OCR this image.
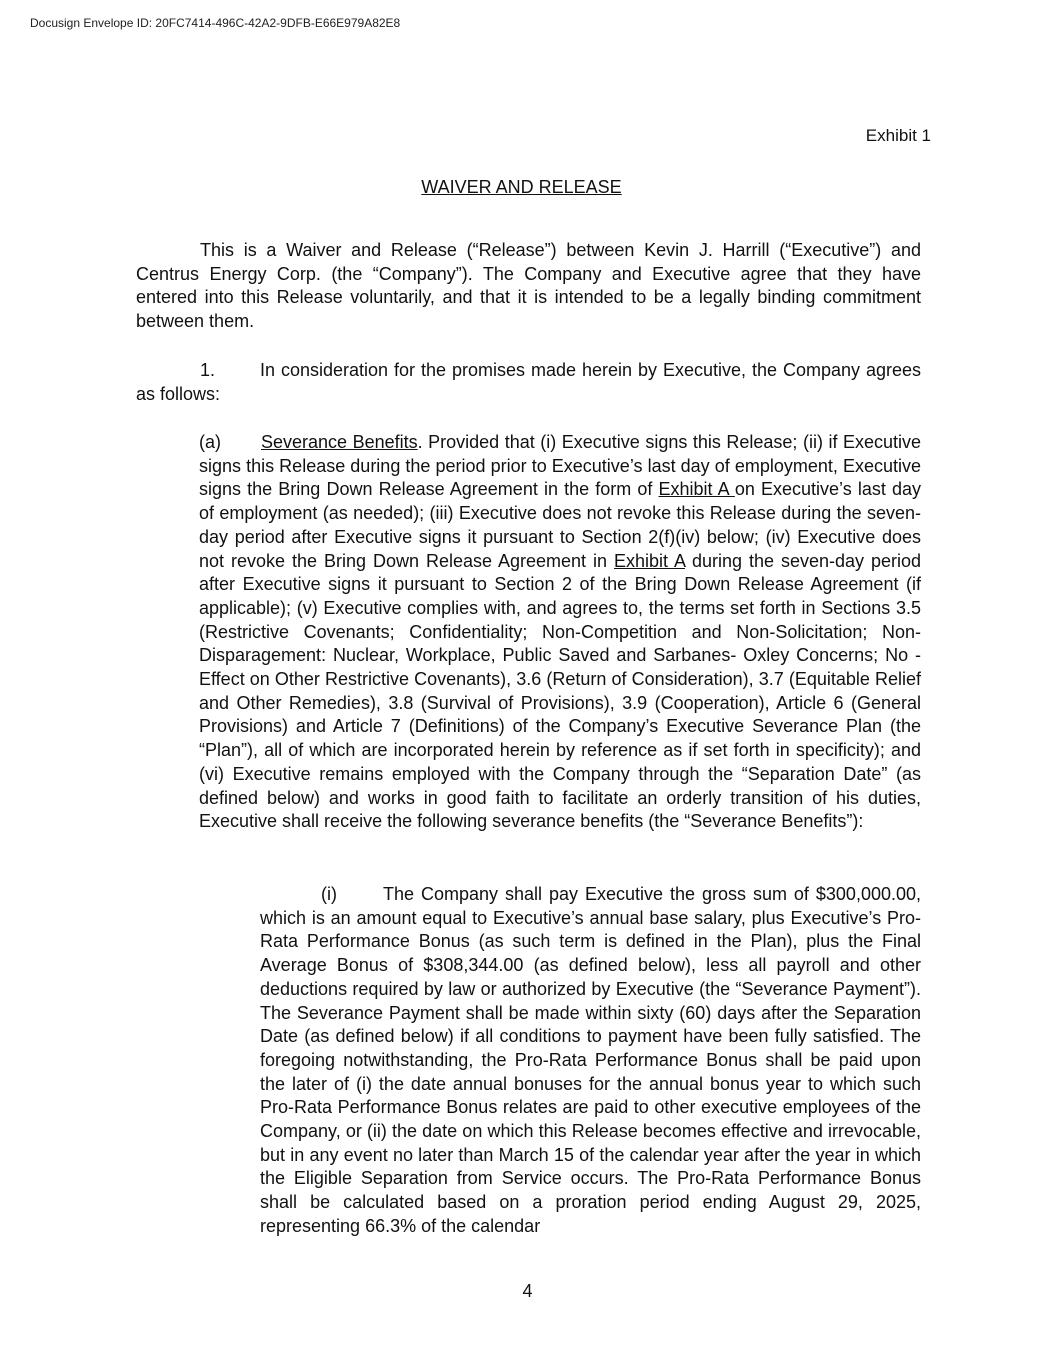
Docusign Envelope ID: 20FC7414-496C-42A2-9DFB-E66E979A82E8
Exhibit 1
WAIVER AND RELEASE

This is a Waiver and Release (“Release”) between Kevin J. Harrill (“Executive”) and Centrus Energy Corp. (the “Company”). The Company and Executive agree that they have entered into this Release voluntarily, and that it is intended to be a legally binding commitment between them.

1. In consideration for the promises made herein by Executive, the Company agrees as follows:

(a) Severance Benefits. Provided that (i) Executive signs this Release; (ii) if Executive signs this Release during the period prior to Executive’s last day of employment, Executive signs the Bring Down Release Agreement in the form of Exhibit A on Executive’s last day of employment (as needed); (iii) Executive does not revoke this Release during the seven-day period after Executive signs it pursuant to Section 2(f)(iv) below; (iv) Executive does not revoke the Bring Down Release Agreement in Exhibit A during the seven-day period after Executive signs it pursuant to Section 2 of the Bring Down Release Agreement (if applicable); (v) Executive complies with, and agrees to, the terms set forth in Sections 3.5 (Restrictive Covenants; Confidentiality; Non-Competition and Non-Solicitation; Non-Disparagement: Nuclear, Workplace, Public Saved and Sarbanes- Oxley Concerns; No -Effect on Other Restrictive Covenants), 3.6 (Return of Consideration), 3.7 (Equitable Relief and Other Remedies), 3.8 (Survival of Provisions), 3.9 (Cooperation), Article 6 (General Provisions) and Article 7 (Definitions) of the Company’s Executive Severance Plan (the “Plan”), all of which are incorporated herein by reference as if set forth in specificity); and (vi) Executive remains employed with the Company through the “Separation Date” (as defined below) and works in good faith to facilitate an orderly transition of his duties, Executive shall receive the following severance benefits (the “Severance Benefits”):

(i)	The Company shall pay Executive the gross sum of $300,000.00, which is an amount equal to Executive’s annual base salary, plus Executive’s Pro-Rata Performance Bonus (as such term is defined in the Plan), plus the Final Average Bonus of $308,344.00 (as defined below), less all payroll and other deductions required by law or authorized by Executive (the “Severance Payment”). The Severance Payment shall be made within sixty (60) days after the Separation Date (as defined below) if all conditions to payment have been fully satisfied. The foregoing notwithstanding, the Pro-Rata Performance Bonus shall be paid upon the later of (i) the date annual bonuses for the annual bonus year to which such Pro-Rata Performance Bonus relates are paid to other executive employees of the Company, or (ii) the date on which this Release becomes effective and irrevocable, but in any event no later than March 15 of the calendar year after the year in which the Eligible Separation from Service occurs. The Pro-Rata Performance Bonus shall be calculated based on a proration period ending August 29, 2025, representing 66.3% of the calendar

4
